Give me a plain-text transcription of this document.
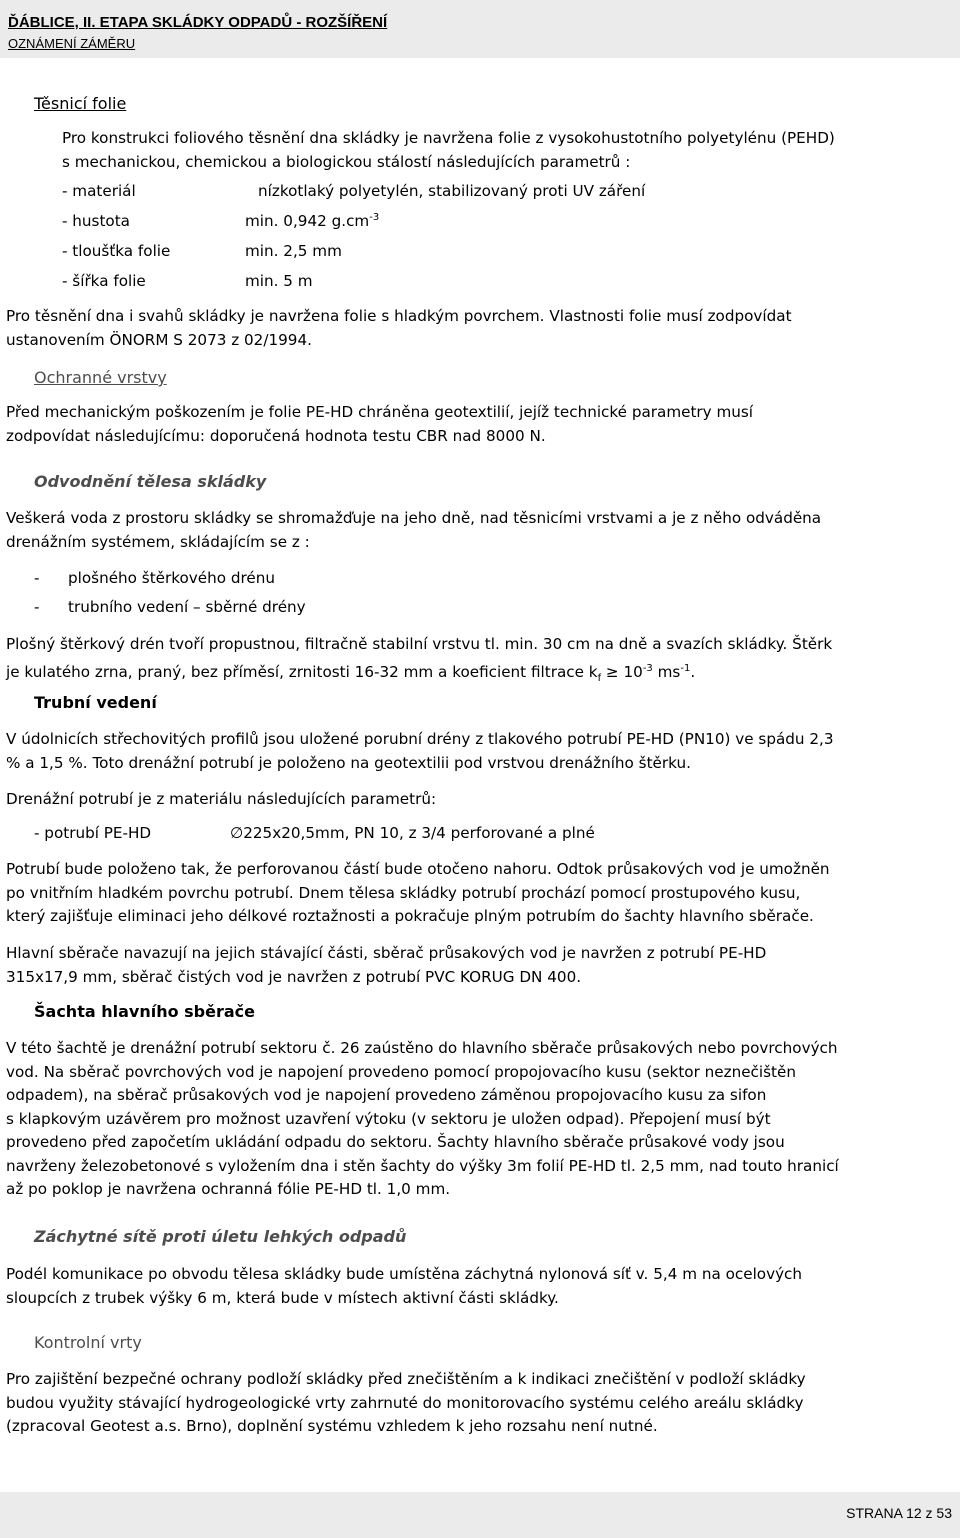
ĎÁBLICE, II. ETAPA SKLÁDKY ODPADŮ - ROZŠÍŘENÍ
OZNÁMENÍ ZÁMĚRU
Těsnicí folie
Pro konstrukci foliového těsnění dna skládky je navržena folie z vysokohustotního polyetylénu (PEHD)
s mechanickou, chemickou a biologickou stálostí následujících parametrů :
- materiál	nízkotlaký polyetylén, stabilizovaný proti UV záření
- hustota	min. 0,942 $g.cm^{-3}$
- tloušťka folie	min. 2,5 mm
- šířka folie	min. 5 m
Pro těsnění dna i svahů skládky je navržena folie s hladkým povrchem. Vlastnosti folie musí zodpovídat
ustanovením ÖNORM S 2073 z 02/1994.
Ochranné vrstvy
Před mechanickým poškozením je folie PE-HD chráněna geotextilií, jejíž technické parametry musí
zodpovídat následujícímu: doporučená hodnota testu CBR nad 8000 N.
Odvodnění tělesa skládky
Veškerá voda z prostoru skládky se shromažďuje na jeho dně, nad těsnicími vrstvami a je z něho odváděna
drenážním systémem, skládajícím se z :
- plošného štěrkového drénu
- trubního vedení – sběrné drény
Plošný štěrkový drén tvoří propustnou, filtračně stabilní vrstvu tl. min. 30 cm na dně a svazích skládky. Štěrk
je kulatého zrna, praný, bez příměsí, zrnitosti 16-32 mm a koeficient filtrace $k_f \ge 10^{-3}$ $ms^{-1}$.
Trubní vedení
V údolnicích střechovitých profilů jsou uložené porubní drény z tlakového potrubí PE-HD (PN10) ve spádu 2,3
% a 1,5 %. Toto drenážní potrubí je položeno na geotextilii pod vrstvou drenážního štěrku.
Drenážní potrubí je z materiálu následujících parametrů:
- potrubí PE-HD	∅225x20,5mm, PN 10, z 3/4 perforované a plné
Potrubí bude položeno tak, že perforovanou částí bude otočeno nahoru. Odtok průsakových vod je umožněn
po vnitřním hladkém povrchu potrubí. Dnem tělesa skládky potrubí prochází pomocí prostupového kusu,
který zajišťuje eliminaci jeho délkové roztažnosti a pokračuje plným potrubím do šachty hlavního sběrače.
Hlavní sběrače navazují na jejich stávající části, sběrač průsakových vod je navržen z potrubí PE-HD
315x17,9 mm, sběrač čistých vod je navržen z potrubí PVC KORUG DN 400.
Šachta hlavního sběrače
V této šachtě je drenážní potrubí sektoru č. 26 zaústěno do hlavního sběrače průsakových nebo povrchových
vod. Na sběrač povrchových vod je napojení provedeno pomocí propojovacího kusu (sektor neznečištěn
odpadem), na sběrač průsakových vod je napojení provedeno záměnou propojovacího kusu za sifon
s klapkovým uzávěrem pro možnost uzavření výtoku (v sektoru je uložen odpad). Přepojení musí být
provedeno před započetím ukládání odpadu do sektoru. Šachty hlavního sběrače průsakové vody jsou
navrženy železobetonové s vyložením dna i stěn šachty do výšky 3m folií PE-HD tl. 2,5 mm, nad touto hranicí
až po poklop je navržena ochranná fólie PE-HD tl. 1,0 mm.
Záchytné sítě proti úletu lehkých odpadů
Podél komunikace po obvodu tělesa skládky bude umístěna záchytná nylonová síť v. 5,4 m na ocelových
sloupcích z trubek výšky 6 m, která bude v místech aktivní části skládky.
Kontrolní vrty
Pro zajištění bezpečné ochrany podloží skládky před znečištěním a k indikaci znečištění v podloží skládky
budou využity stávající hydrogeologické vrty zahrnuté do monitorovacího systému celého areálu skládky
(zpracoval Geotest a.s. Brno), doplnění systému vzhledem k jeho rozsahu není nutné.
STRANA 12 z 53
